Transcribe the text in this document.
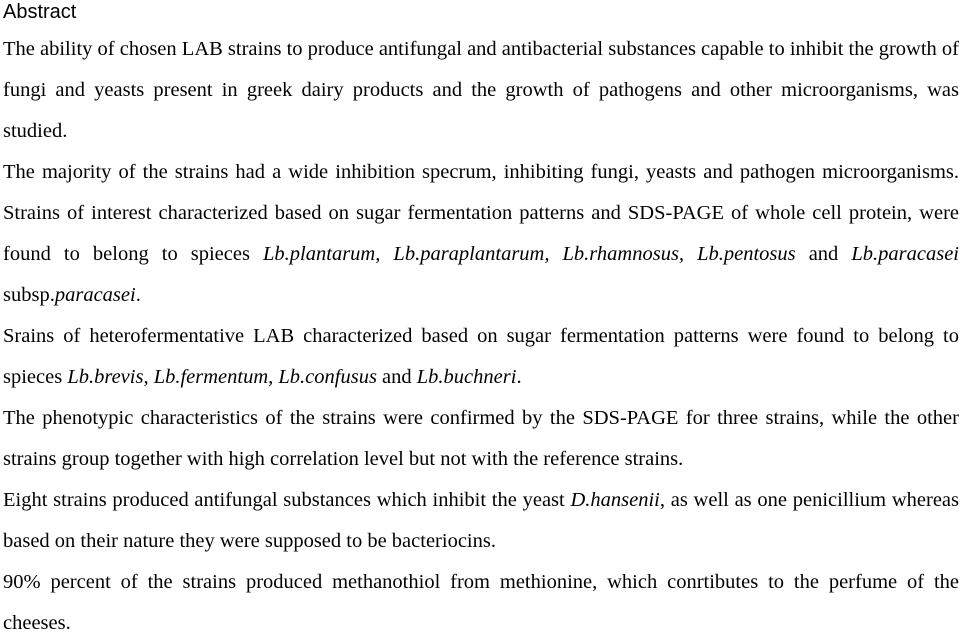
Abstract

The ability of chosen LAB strains to produce antifungal and antibacterial substances capable to inhibit the growth of fungi and yeasts present in greek dairy products and the growth of pathogens and other microorganisms, was studied.

The majority of the strains had a wide inhibition specrum, inhibiting fungi, yeasts and pathogen microorganisms. Strains of interest characterized based on sugar fermentation patterns and SDS-PAGE of whole cell protein, were found to belong to spieces Lb.plantarum, Lb.paraplantarum, Lb.rhamnosus, Lb.pentosus and Lb.paracasei subsp.paracasei.

Srains of heterofermentative LAB characterized based on sugar fermentation patterns were found to belong to spieces Lb.brevis, Lb.fermentum, Lb.confusus and Lb.buchneri.

The phenotypic characteristics of the strains were confirmed by the SDS-PAGE for three strains, while the other strains group together with high correlation level but not with the reference strains.

Eight strains produced antifungal substances which inhibit the yeast D.hansenii, as well as one penicillium whereas based on their nature they were supposed to be bacteriocins.

90% percent of the strains produced methanothiol from methionine, which conrtibutes to the perfume of the cheeses.
